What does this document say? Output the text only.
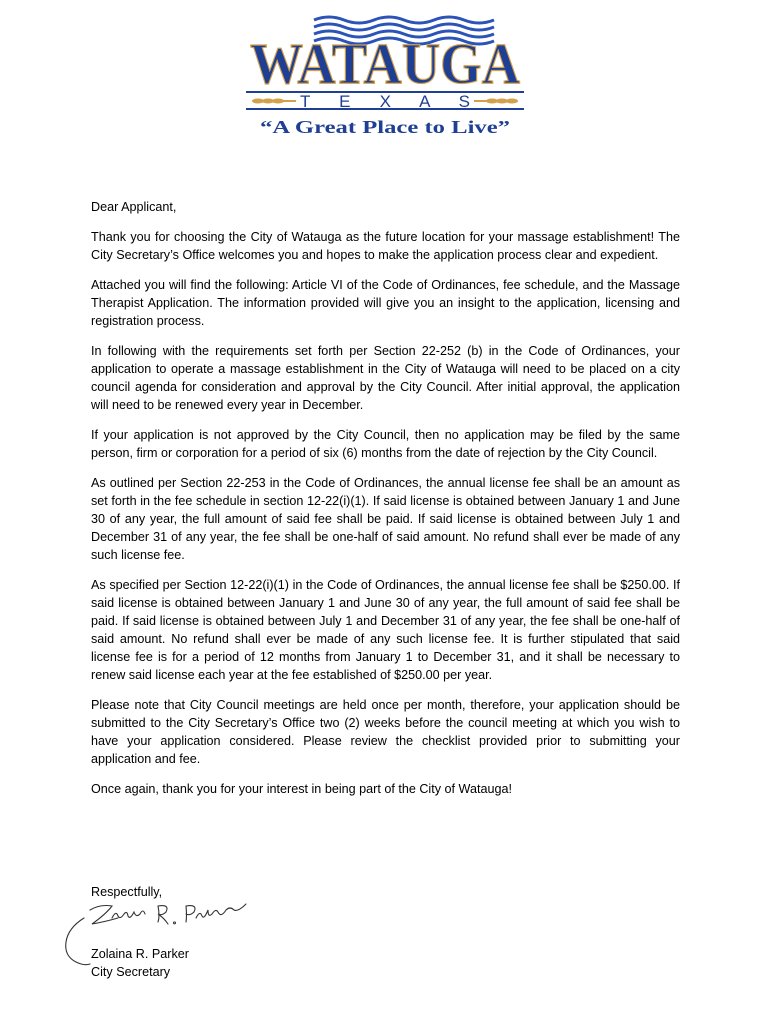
WATAUGA
T E X A S
“A Great Place to Live”

Dear Applicant,

Thank you for choosing the City of Watauga as the future location for your massage establishment! The City Secretary’s Office welcomes you and hopes to make the application process clear and expedient.

Attached you will find the following: Article VI of the Code of Ordinances, fee schedule, and the Massage Therapist Application. The information provided will give you an insight to the application, licensing and registration process.

In following with the requirements set forth per Section 22-252 (b) in the Code of Ordinances, your application to operate a massage establishment in the City of Watauga will need to be placed on a city council agenda for consideration and approval by the City Council. After initial approval, the application will need to be renewed every year in December.

If your application is not approved by the City Council, then no application may be filed by the same person, firm or corporation for a period of six (6) months from the date of rejection by the City Council.

As outlined per Section 22-253 in the Code of Ordinances, the annual license fee shall be an amount as set forth in the fee schedule in section 12-22(i)(1). If said license is obtained between January 1 and June 30 of any year, the full amount of said fee shall be paid. If said license is obtained between July 1 and December 31 of any year, the fee shall be one-half of said amount. No refund shall ever be made of any such license fee.

As specified per Section 12-22(i)(1) in the Code of Ordinances, the annual license fee shall be $250.00. If said license is obtained between January 1 and June 30 of any year, the full amount of said fee shall be paid. If said license is obtained between July 1 and December 31 of any year, the fee shall be one-half of said amount. No refund shall ever be made of any such license fee. It is further stipulated that said license fee is for a period of 12 months from January 1 to December 31, and it shall be necessary to renew said license each year at the fee established of $250.00 per year.

Please note that City Council meetings are held once per month, therefore, your application should be submitted to the City Secretary’s Office two (2) weeks before the council meeting at which you wish to have your application considered. Please review the checklist provided prior to submitting your application and fee.

Once again, thank you for your interest in being part of the City of Watauga!

Respectfully,
Zolaina R. Parker
City Secretary
